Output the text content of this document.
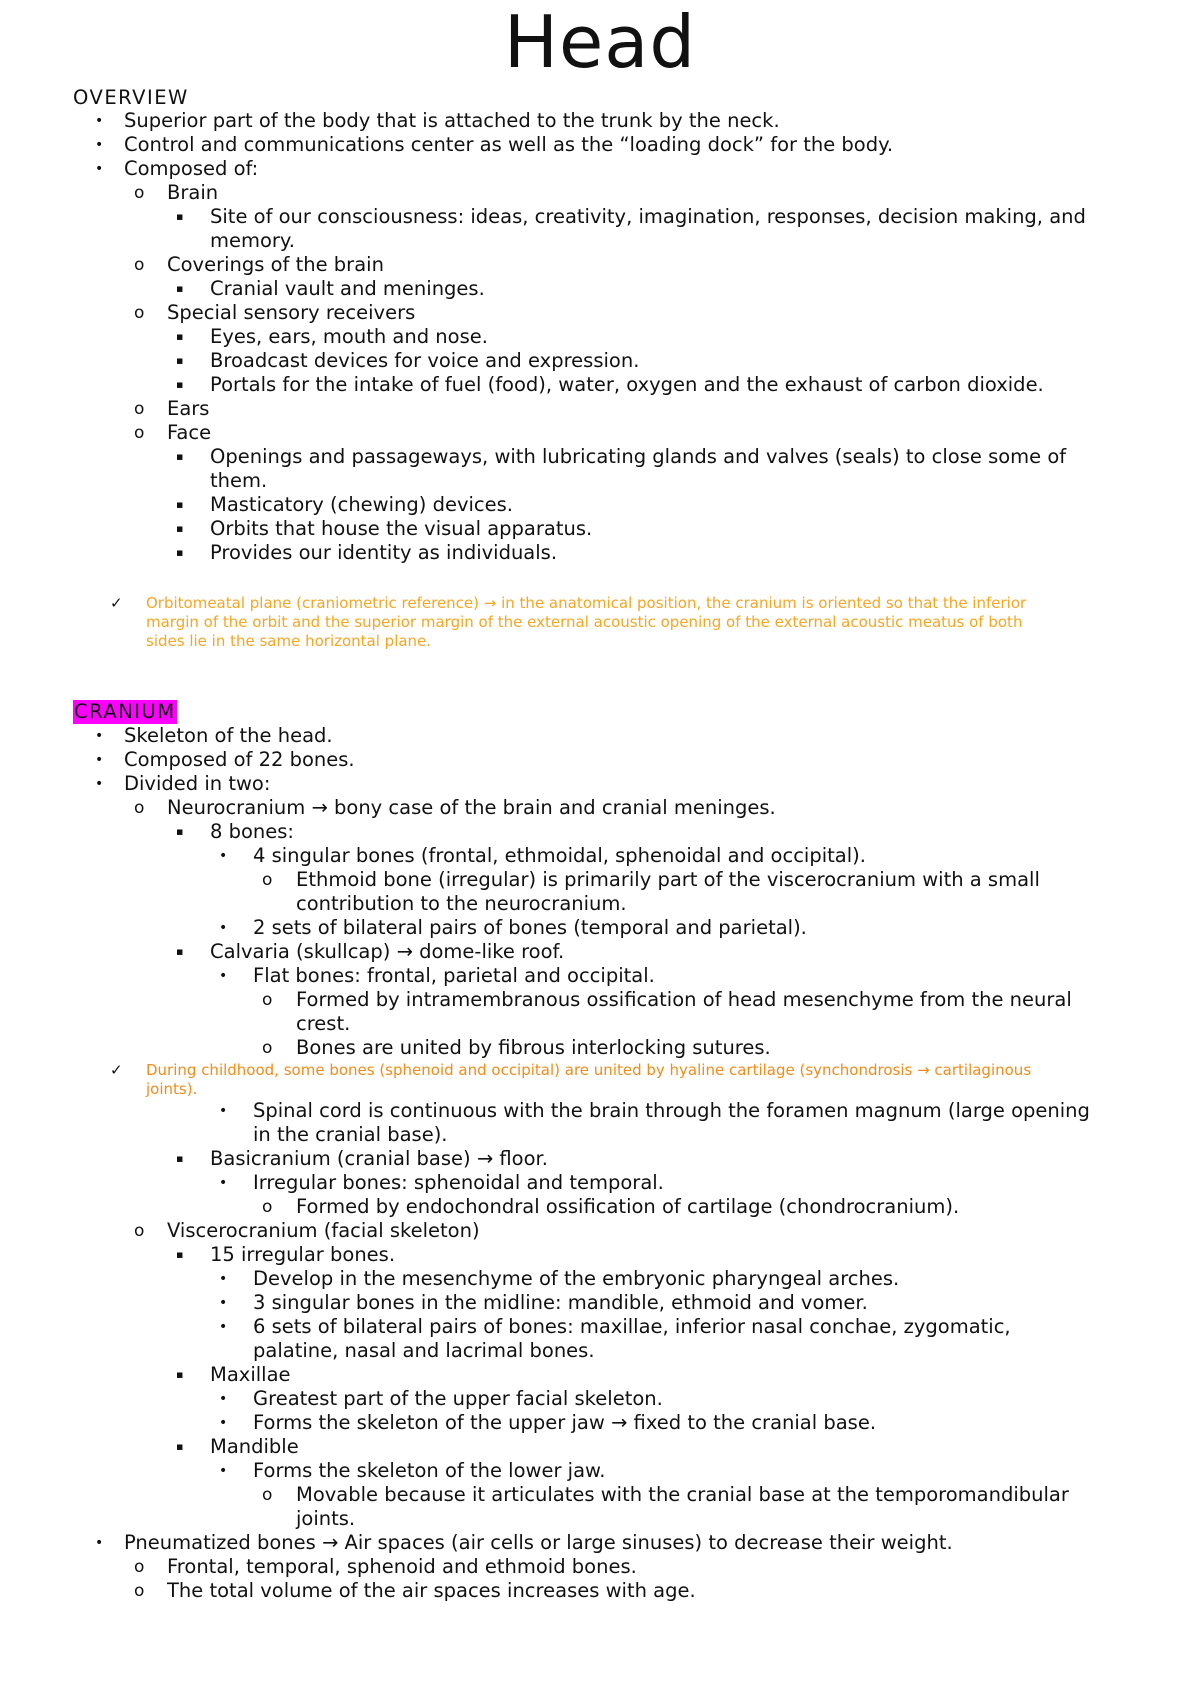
Head
OVERVIEW
• Superior part of the body that is attached to the trunk by the neck.
• Control and communications center as well as the “loading dock” for the body.
• Composed of:
o Brain
▪ Site of our consciousness: ideas, creativity, imagination, responses, decision making, and
memory.
o Coverings of the brain
▪ Cranial vault and meninges.
o Special sensory receivers
▪ Eyes, ears, mouth and nose.
▪ Broadcast devices for voice and expression.
▪ Portals for the intake of fuel (food), water, oxygen and the exhaust of carbon dioxide.
o Ears
o Face
▪ Openings and passageways, with lubricating glands and valves (seals) to close some of
them.
▪ Masticatory (chewing) devices.
▪ Orbits that house the visual apparatus.
▪ Provides our identity as individuals.
✓ Orbitomeatal plane (craniometric reference) → in the anatomical position, the cranium is oriented so that the inferior
margin of the orbit and the superior margin of the external acoustic opening of the external acoustic meatus of both
sides lie in the same horizontal plane.
CRANIUM
• Skeleton of the head.
• Composed of 22 bones.
• Divided in two:
o Neurocranium → bony case of the brain and cranial meninges.
▪ 8 bones:
• 4 singular bones (frontal, ethmoidal, sphenoidal and occipital).
o Ethmoid bone (irregular) is primarily part of the viscerocranium with a small
contribution to the neurocranium.
• 2 sets of bilateral pairs of bones (temporal and parietal).
▪ Calvaria (skullcap) → dome-like roof.
• Flat bones: frontal, parietal and occipital.
o Formed by intramembranous ossification of head mesenchyme from the neural
crest.
o Bones are united by fibrous interlocking sutures.
✓ During childhood, some bones (sphenoid and occipital) are united by hyaline cartilage (synchondrosis → cartilaginous
joints).
• Spinal cord is continuous with the brain through the foramen magnum (large opening
in the cranial base).
▪ Basicranium (cranial base) → floor.
• Irregular bones: sphenoidal and temporal.
o Formed by endochondral ossification of cartilage (chondrocranium).
o Viscerocranium (facial skeleton)
▪ 15 irregular bones.
• Develop in the mesenchyme of the embryonic pharyngeal arches.
• 3 singular bones in the midline: mandible, ethmoid and vomer.
• 6 sets of bilateral pairs of bones: maxillae, inferior nasal conchae, zygomatic,
palatine, nasal and lacrimal bones.
▪ Maxillae
• Greatest part of the upper facial skeleton.
• Forms the skeleton of the upper jaw → fixed to the cranial base.
▪ Mandible
• Forms the skeleton of the lower jaw.
o Movable because it articulates with the cranial base at the temporomandibular
joints.
• Pneumatized bones → Air spaces (air cells or large sinuses) to decrease their weight.
o Frontal, temporal, sphenoid and ethmoid bones.
o The total volume of the air spaces increases with age.
